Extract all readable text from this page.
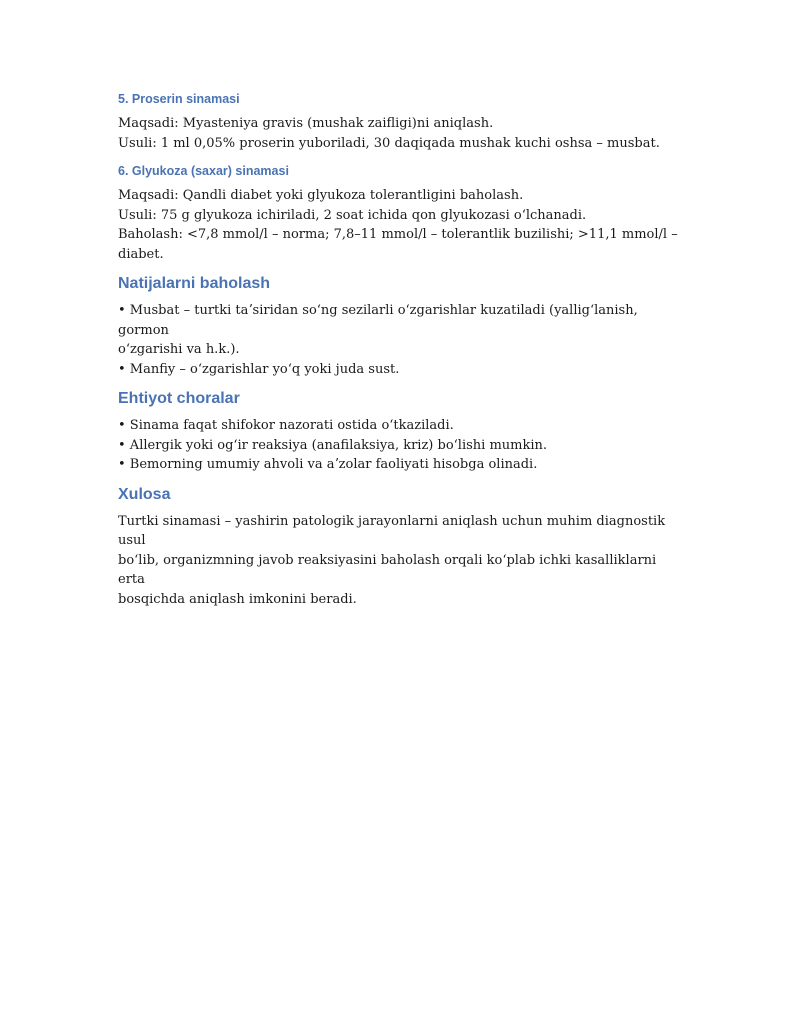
5. Proserin sinamasi

Maqsadi: Myasteniya gravis (mushak zaifligi)ni aniqlash.

Usuli: 1 ml 0,05% proserin yuboriladi, 30 daqiqada mushak kuchi oshsa – musbat.

6. Glyukoza (saxar) sinamasi

Maqsadi: Qandli diabet yoki glyukoza tolerantligini baholash.

Usuli: 75 g glyukoza ichiriladi, 2 soat ichida qon glyukozasi oʻlchanadi.

Baholash: <7,8 mmol/l – norma; 7,8–11 mmol/l – tolerantlik buzilishi; >11,1 mmol/l –

diabet.

Natijalarni baholash

• Musbat – turtki taʼsiridan soʻng sezilarli oʻzgarishlar kuzatiladi (yalligʻlanish, gormon

oʻzgarishi va h.k.).

• Manfiy – oʻzgarishlar yoʻq yoki juda sust.

Ehtiyot choralar

• Sinama faqat shifokor nazorati ostida oʻtkaziladi.

• Allergik yoki ogʻir reaksiya (anafilaksiya, kriz) boʻlishi mumkin.

• Bemorning umumiy ahvoli va aʼzolar faoliyati hisobga olinadi.

Xulosa

Turtki sinamasi – yashirin patologik jarayonlarni aniqlash uchun muhim diagnostik usul

boʻlib, organizmning javob reaksiyasini baholash orqali koʻplab ichki kasalliklarni erta

bosqichda aniqlash imkonini beradi.
